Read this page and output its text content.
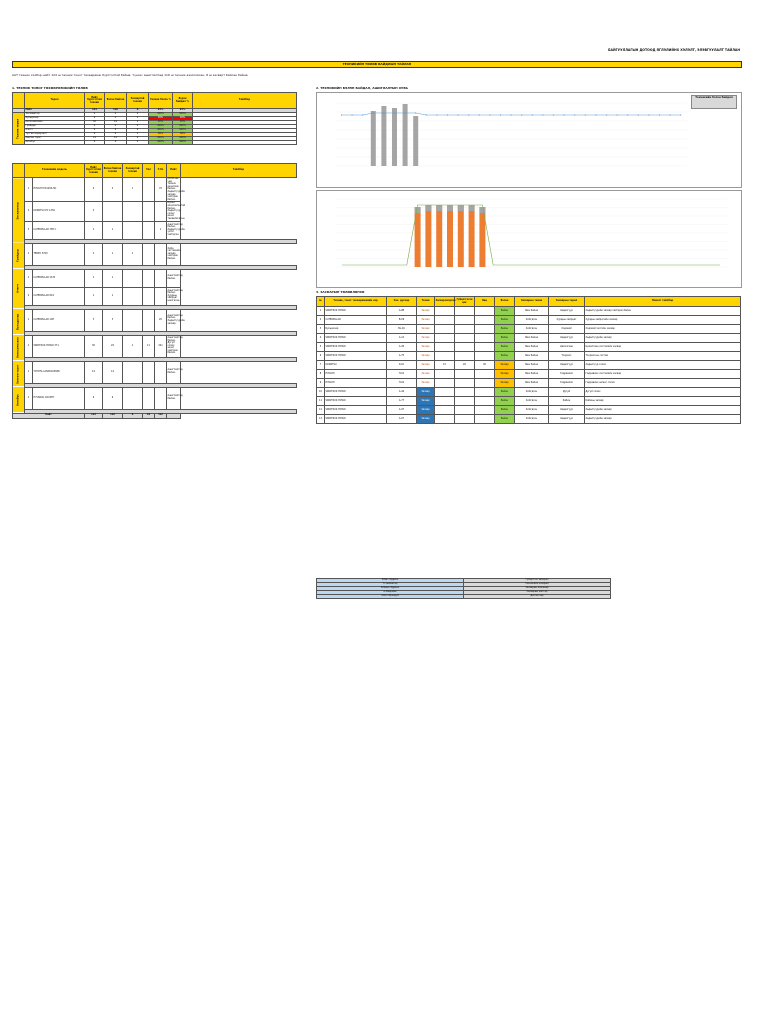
БАЙГУУЛЛАГЫН ДОТООД ЯГЛЭЛИЙНХ ХЭЛЭЛТ, ЭЛЭВГУУЛАЛТ ТАЙЛАН
ТЕХНИКИЙН ТӨЛӨВ БАЙДЛЫН ТАЙЛАН
ААТ техник хэлбэр нийт 124 ш техник тоног төхөөрөмж бүртгэлтэй байна. Үүнээс ашиглалтад 116 ш техник ажилласан, 8 ш засварт байсан байна.
1. ТЕХНИК ТОНОГ ТӨХӨӨРӨМЖИЙН ТӨЛӨВ
	Төрөл	Нийт бүртгэлтэй техник	Бэлэн байгаа	Засвартай техник	Техник бэлэн %	Бүрэн байдал %	Тайлбар
	Нийт	124	116	8	93%	93%	
Техник төрөл	Экскаватор	4	4	0	100%	100%	
	Бульдозер	6	5	1	83%	83%	
	Автосамосвал	30	29	1	97%	97%	
	Грейдер	4	4	0	100%	100%	
	Ачигч	6	6	0	100%	100%	
	Тусгай зориулалт	9	8	1	89%	89%	
	Хөнгөн тэрэг	14	14	0	100%	100%	
	Автобус	6	6	0	100%	100%	
	Техникийн модель		Нийт бүртгэлтэй техник	Бэлэн байгаа техник	Засвартай техник	Төл	Т.Хэ	Нийт	Тайлбар
Экскаватор	1	HITACHI EX1200-5D	9	2	1		70	06:00-ны үед техник ажиллаж байна. Хөдөлгүүрийн засвар хийгдэж байна.	
	2	KOMATSU PC 1250	2					Бүрэн ажиллагаатай байна. Хөдөлгүүр солих ажил төлөвлөгдсөн.	
	3	CATERPILLAR 785 C	1	1			1	Ашиглалтад байна. Хөдөлгүүрийн үзлэг хийгдсэн.	

Грейдер	1	TEREX 3700	2	1	1			Хийн системийн засвар хийгдэж байна.	

Ачигч	1	CATERPILLAR 16 M	1	1				Ашиглалтад байна.	
	2	CATERPILLAR 824	1	1				Ашиглалтад байна. Хурдны хайрцаг шалгасан.	

Бульдозер	1	CATERPILLAR 14H	3	3			20	Ашиглалтад байна. Хөдөлгүүрийн засвар.	

Автосамосвал	1	SINOTRUK HOWO 371	30	29	1	11	221	Ашиглалтад байна. Дугуй солих ажил хийгдэж байна.	

Хөнгөн тэрэг	1	TOYOTA LANDCRUISER	14	14				Ашиглалтад байна.	

Автобус	1	HYUNDAI COUNTY	6	6				Ашиглалтад байна.	

Нийт			124	116	8	18	312		
2. ТЕХНИКИЙН БЭЛЭН БАЙДАЛ, АШИГЛАЛТЫН ХУВЬ
Техникийн бэлэн байдал
3. ЗАСВАРЫН ТӨЛӨВЛӨГӨӨ
№	Техник, тоног төхөөрөмжийн нэр	Зах. дугаар	Төлөв	Засварлагдсан	Гүйцэтгэсэн цаг	Явц	Бэлэн	Засварын төлөв	Засварын төрөл	Нэмэлт тайлбар
1	SINOTRUK HOWO	A-88	Засвар				Бэлэн	Явж байна	Хөдөлгүүр	Хөдөлгүүрийн засвар хийгдэж байна
2	CATERPILLAR	B-09	Засвар				Бэлэн	Хийгдсэн	Хурдны хайрцаг	Хурдны хайрцгийн засвар
3	Бульдозер	BL-16	Засвар				Бэлэн	Хийгдсэн	Ходовой	Ходовой хэсгийн засвар
4	SINOTRUK HOWO	A-12	Засвар				Бэлэн	Явж байна	Хөдөлгүүр	Хөдөлгүүрийн засвар
5	SINOTRUK HOWO	A-36	Засвар				Бэлэн	Явж байна	Цахилгаан	Цахилгаан системийн засвар
6	SINOTRUK HOWO	A-75	Засвар				Бэлэн	Явж байна	Тоормос	Тоормосны систем
7	KOMATSU	K-01	Засвар	15	20	30	Засвар	Явж байна	Хөдөлгүүр	Хөдөлгүүр солих
8	HITACHI	H-01	Засвар				Засвар	Явж байна	Гидравлик	Гидравлик системийн засвар
9	HITACHI	H-02	Засвар				Засвар	Явж байна	Гидравлик	Гидравлик шланг солих
10	SINOTRUK HOWO	A-44	Засвар				Бэлэн	Хийгдсэн	Дугуй	Дугуй солих
11	SINOTRUK HOWO	A-77	Засвар				Бэлэн	Хийгдсэн	Кабин	Кабины засвар
12	SINOTRUK HOWO	A-97	Засвар				Бэлэн	Хийгдсэн	Хөдөлгүүр	Хөдөлгүүрийн засвар
13	SINOTRUK HOWO	A-07	Засвар				Бэлэн	Хийгдсэн	Хөдөлгүүр	Хөдөлгүүрийн засвар
Б.Бат-Эрдэнэ	Гүйцэтгэх захирал
Т.Ганбаатар	Техникийн захирал
Б.Мөнх-Эрдэнэ	Засварын инженер
О.Баярмаа	Засварын мастер
Э.Бат-Ирээдүй	Диспетчер
